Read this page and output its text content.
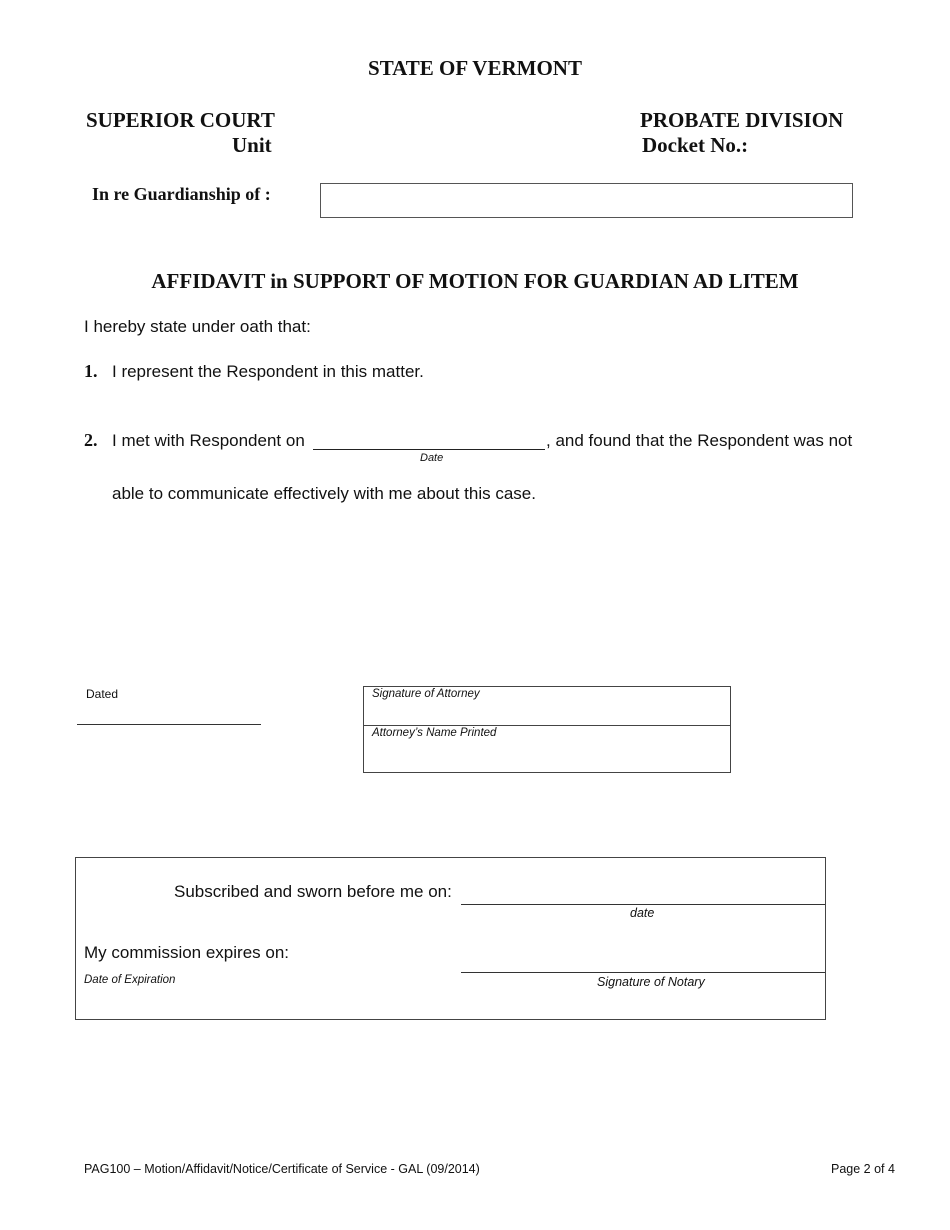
STATE OF VERMONT
SUPERIOR COURT
Unit
PROBATE DIVISION
Docket No.:
In re Guardianship of :
AFFIDAVIT in SUPPORT OF MOTION FOR GUARDIAN AD LITEM
I hereby state under oath that:
1. I represent the Respondent in this matter.
2. I met with Respondent on	, and found that the Respondent was not
Date
able to communicate effectively with me about this case.
Dated	Signature of Attorney
Attorney’s Name Printed
Subscribed and sworn before me on:
date
My commission expires on:
Date of Expiration	Signature of Notary
PAG100 – Motion/Affidavit/Notice/Certificate of Service - GAL (09/2014)	Page 2 of 4
